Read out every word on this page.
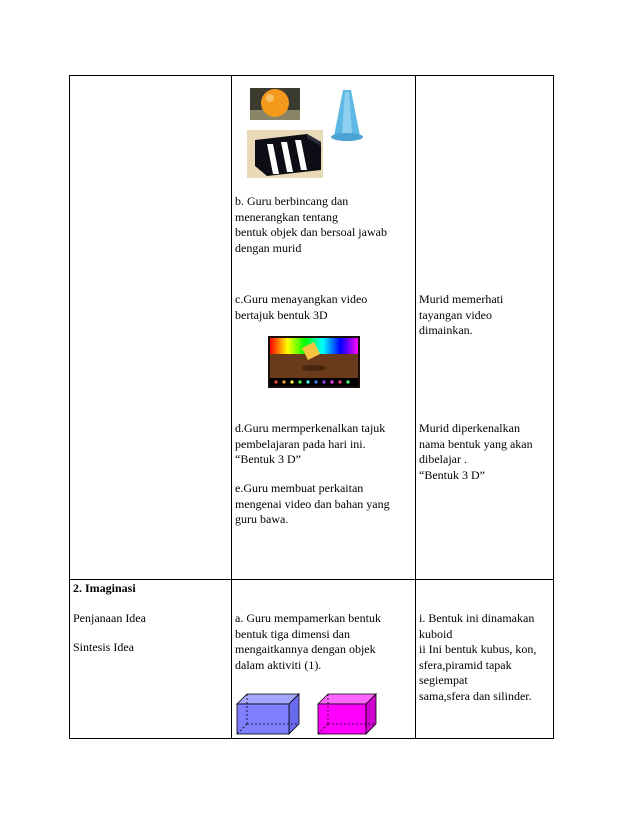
b. Guru berbincang dan
menerangkan tentang
bentuk objek dan bersoal jawab
dengan murid
c.Guru menayangkan video
bertajuk bentuk 3D
d.Guru mermperkenalkan tajuk
pembelajaran pada hari ini.
“Bentuk 3 D”
e.Guru membuat perkaitan
mengenai video dan bahan yang
guru bawa.
Murid memerhati
tayangan video
dimainkan.
Murid diperkenalkan
nama bentuk yang akan
dibelajar .
“Bentuk 3 D”
2. Imaginasi
Penjanaan Idea
Sintesis Idea
a. Guru mempamerkan bentuk
bentuk tiga dimensi dan
mengaitkannya dengan objek
dalam aktiviti (1).
i. Bentuk ini dinamakan
kuboid
ii Ini bentuk kubus, kon,
sfera,piramid tapak
segiempat
sama,sfera dan silinder.
